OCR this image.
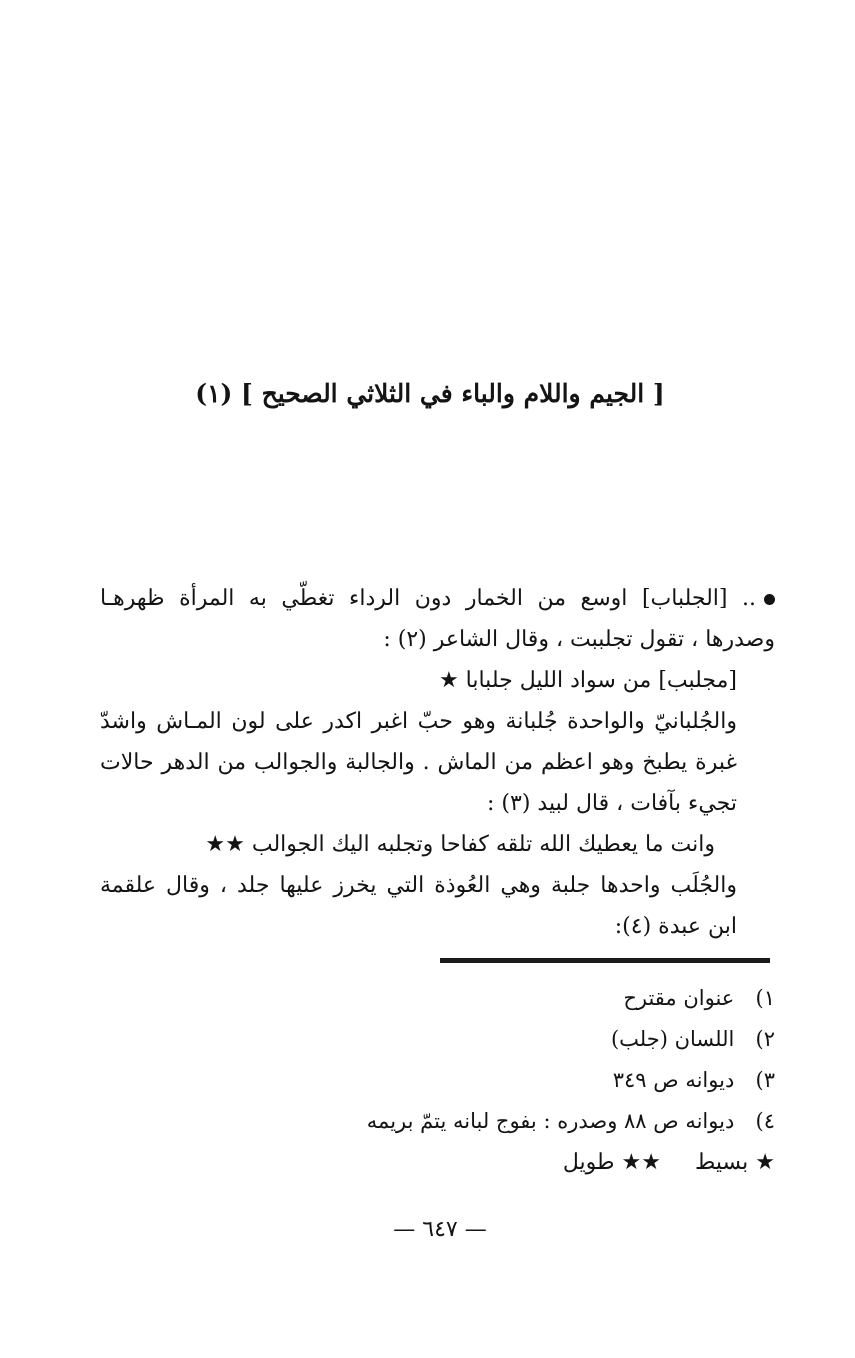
[ الجيم واللام والباء في الثلاثي الصحيح ] (١)

.. [الجلباب] اوسع من الخمار دون الرداء تغطّي به المرأة ظهرهـا وصدرها ، تقول تجلببت ، وقال الشاعر (٢) :

[مجلبب] من سواد الليل جلبابا ★

والجُلبانيّ والواحدة جُلبانة وهو حبّ اغبر اكدر على لون المـاش واشدّ غبرة يطبخ وهو اعظم من الماش . والجالبة والجوالب من الدهر حالات تجيء بآفات ، قال لبيد (٣) :

وانت ما يعطيك الله تلقه كفاحا وتجلبه اليك الجوالب ★★

والجُلَب واحدها جلبة وهي العُوذة التي يخرز عليها جلد ، وقال علقمة ابن عبدة (٤):

١) عنوان مقترح
٢) اللسان (جلب)
٣) ديوانه ص ٣٤٩
٤) ديوانه ص ٨٨ وصدره : بفوج لبانه يتمّ بريمه
★ بسيط★★ طويل
— ٦٤٧ —
